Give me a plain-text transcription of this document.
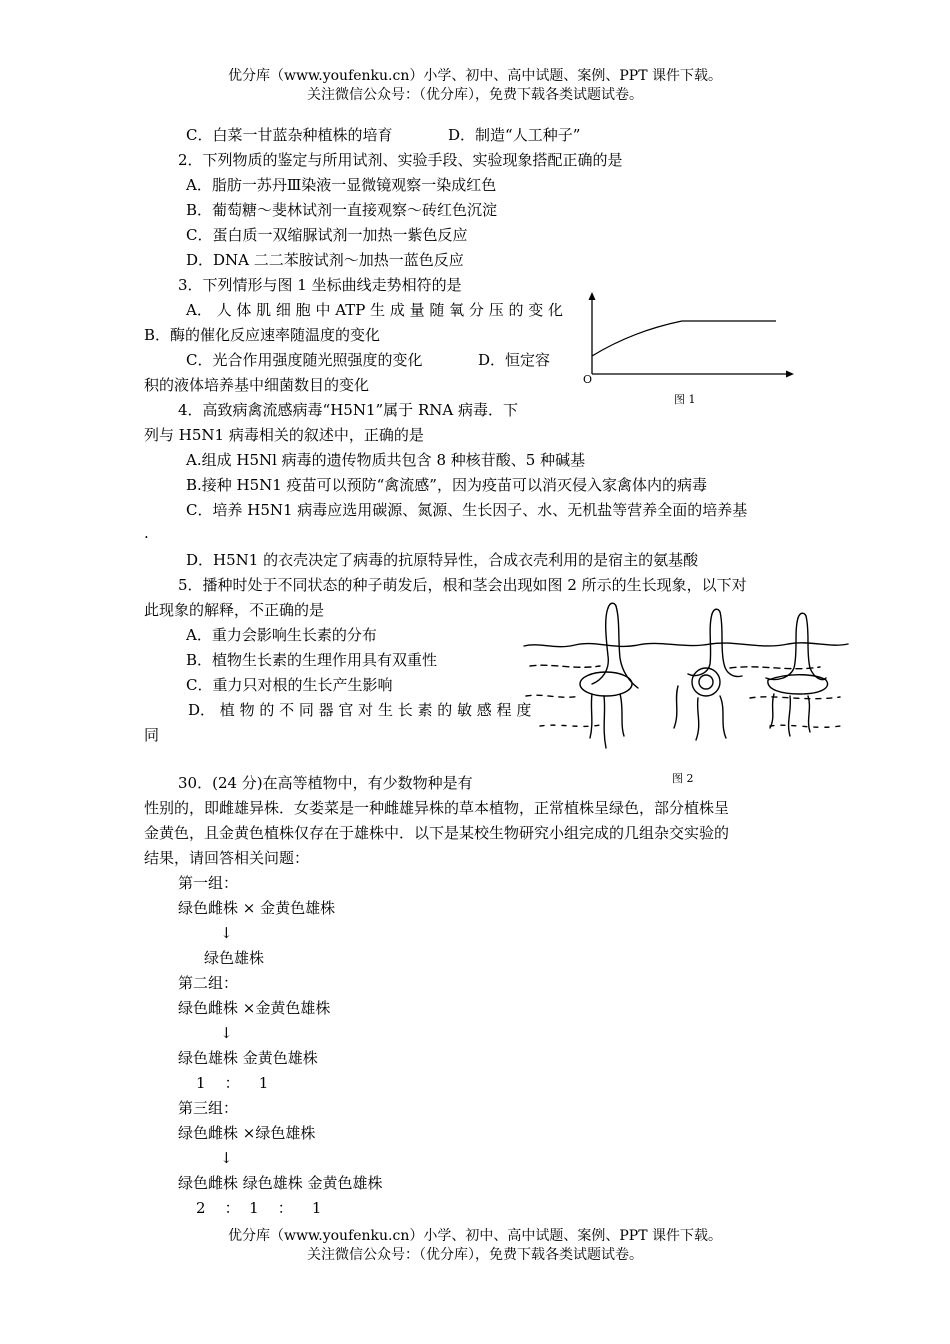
优分库（www.youfenku.cn）小学、初中、高中试题、案例、PPT 课件下载。
关注微信公众号：（优分库），免费下载各类试题试卷。
C．白菜一甘蓝杂种植株的培育	D．制造“人工种子”
2．下列物质的鉴定与所用试剂、实验手段、实验现象搭配正确的是
A．脂肪一苏丹Ⅲ染液一显微镜观察一染成红色
B．葡萄糖～斐林试剂一直接观察～砖红色沉淀
C．蛋白质一双缩脲试剂一加热一紫色反应
D．DNA 二二苯胺试剂～加热一蓝色反应
3．下列情形与图 1 坐标曲线走势相符的是
A． 人 体 肌 细 胞 中 ATP 生 成 量 随 氧 分 压 的 变 化
B．酶的催化反应速率随温度的变化
C．光合作用强度随光照强度的变化	D．恒定容
积的液体培养基中细菌数目的变化	O
图 1
4．高致病禽流感病毒“H5N1”属于 RNA 病毒．下
列与 H5N1 病毒相关的叙述中，正确的是
A.组成 H5Nl 病毒的遗传物质共包含 8 种核苷酸、5 种碱基
B.接种 H5N1 疫苗可以预防“禽流感”，因为疫苗可以消灭侵入家禽体内的病毒
C．培养 H5N1 病毒应选用碳源、氮源、生长因子、水、无机盐等营养全面的培养基
.
D．H5N1 的衣壳决定了病毒的抗原特异性，合成衣壳利用的是宿主的氨基酸
5．播种时处于不同状态的种子萌发后，根和茎会出现如图 2 所示的生长现象，以下对
此现象的解释，不正确的是
A．重力会影响生长素的分布
B．植物生长素的生理作用具有双重性
C．重力只对根的生长产生影响
D． 植 物 的 不 同 器 官 对 生 长 素 的 敏 感 程 度
同
图 2
30．(24 分)在高等植物中，有少数物种是有
性别的，即雌雄异株．女娄菜是一种雌雄异株的草本植物，正常植株呈绿色，部分植株呈
金黄色，且金黄色植株仅存在于雄株中．以下是某校生物研究小组完成的几组杂交实验的
结果，请回答相关问题：
第一组：
绿色雌株 × 金黄色雄株
↓
绿色雄株
第二组：
绿色雌株 ×金黄色雄株
↓
绿色雄株 金黄色雄株
1    ：    1
第三组：
绿色雌株 ×绿色雄株
↓
绿色雌株 绿色雄株 金黄色雄株
2    ：  1    ：    1
优分库（www.youfenku.cn）小学、初中、高中试题、案例、PPT 课件下载。
关注微信公众号：（优分库），免费下载各类试题试卷。
